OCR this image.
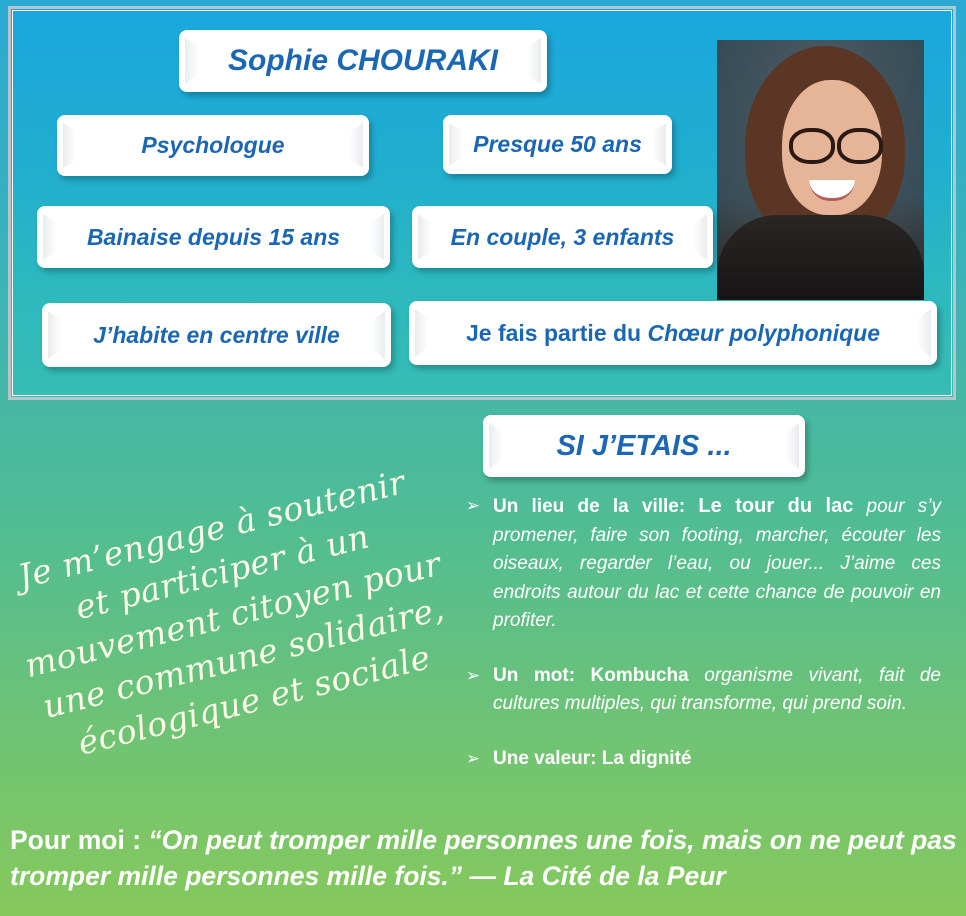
Sophie CHOURAKI
Psychologue	Presque 50 ans
Bainaise depuis 15 ans	En couple, 3 enfants
J’habite en centre ville	Je fais partie du Chœur polyphonique
SI J’ETAIS ...
➢ Un lieu de la ville: Le tour du lac pour s’y promener, faire son footing, marcher, écouter les oiseaux, regarder l’eau, ou jouer... J’aime ces endroits autour du lac et cette chance de pouvoir en profiter.
➢ Un mot: Kombucha organisme vivant, fait de cultures multiples, qui transforme, qui prend soin.
➢ Une valeur: La dignité
Je m’engage à soutenir et participer à un mouvement citoyen pour une commune solidaire, écologique et sociale
Pour moi : “On peut tromper mille personnes une fois, mais on ne peut pas tromper mille personnes mille fois.” — La Cité de la Peur
